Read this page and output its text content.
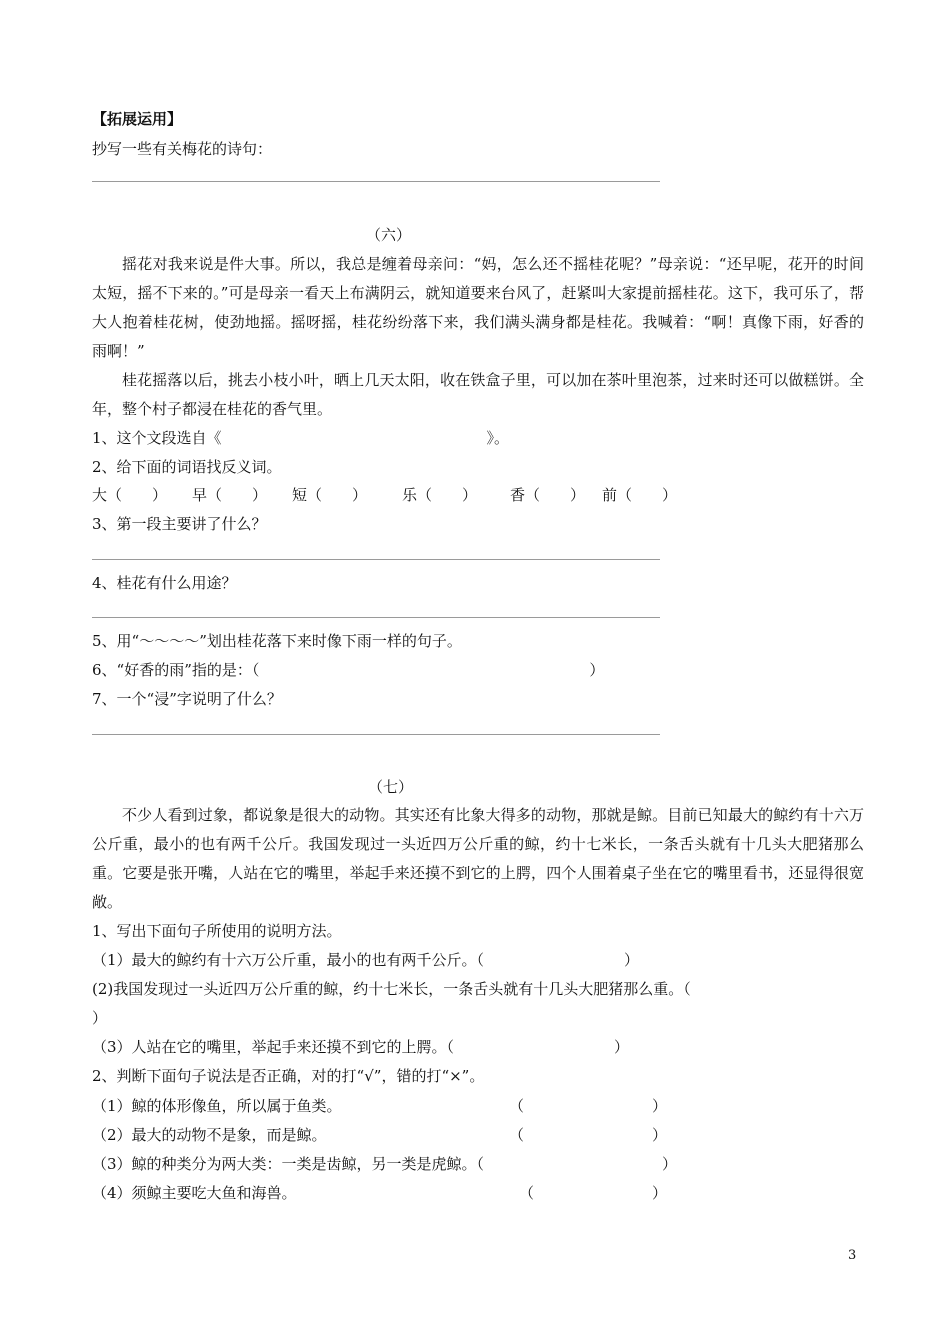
【拓展运用】
抄写一些有关梅花的诗句：
（六）

摇花对我来说是件大事。所以，我总是缠着母亲问：“妈，怎么还不摇桂花呢？”母亲说：“还早呢，花开的时间太短，摇不下来的。”可是母亲一看天上布满阴云，就知道要来台风了，赶紧叫大家提前摇桂花。这下，我可乐了，帮大人抱着桂花树，使劲地摇。摇呀摇，桂花纷纷落下来，我们满头满身都是桂花。我喊着：“啊！真像下雨，好香的雨啊！”

桂花摇落以后，挑去小枝小叶，晒上几天太阳，收在铁盒子里，可以加在茶叶里泡茶，过来时还可以做糕饼。全年，整个村子都浸在桂花的香气里。

1、这个文段选自《	》。
2、给下面的词语找反义词。
大（　　） 早（　　） 短（　　） 乐（　　） 香（　　） 前（　　）
3、第一段主要讲了什么？
4、桂花有什么用途？
5、用“～～～～”划出桂花落下来时像下雨一样的句子。
6、“好香的雨”指的是：（	）
7、一个“浸”字说明了什么？
（七）

不少人看到过象，都说象是很大的动物。其实还有比象大得多的动物，那就是鲸。目前已知最大的鲸约有十六万公斤重，最小的也有两千公斤。我国发现过一头近四万公斤重的鲸，约十七米长，一条舌头就有十几头大肥猪那么重。它要是张开嘴，人站在它的嘴里，举起手来还摸不到它的上腭，四个人围着桌子坐在它的嘴里看书，还显得很宽敞。

1、写出下面句子所使用的说明方法。
（1）最大的鲸约有十六万公斤重，最小的也有两千公斤。（	）
(2)我国发现过一头近四万公斤重的鲸，约十七米长，一条舌头就有十几头大肥猪那么重。（
）
（3）人站在它的嘴里，举起手来还摸不到它的上腭。（	）
2、判断下面句子说法是否正确，对的打“√”，错的打“×”。
（1）鲸的体形像鱼，所以属于鱼类。	（	）
（2）最大的动物不是象，而是鲸。	（	）
（3）鲸的种类分为两大类：一类是齿鲸，另一类是虎鲸。（	）
（4）须鲸主要吃大鱼和海兽。	（	）
3
